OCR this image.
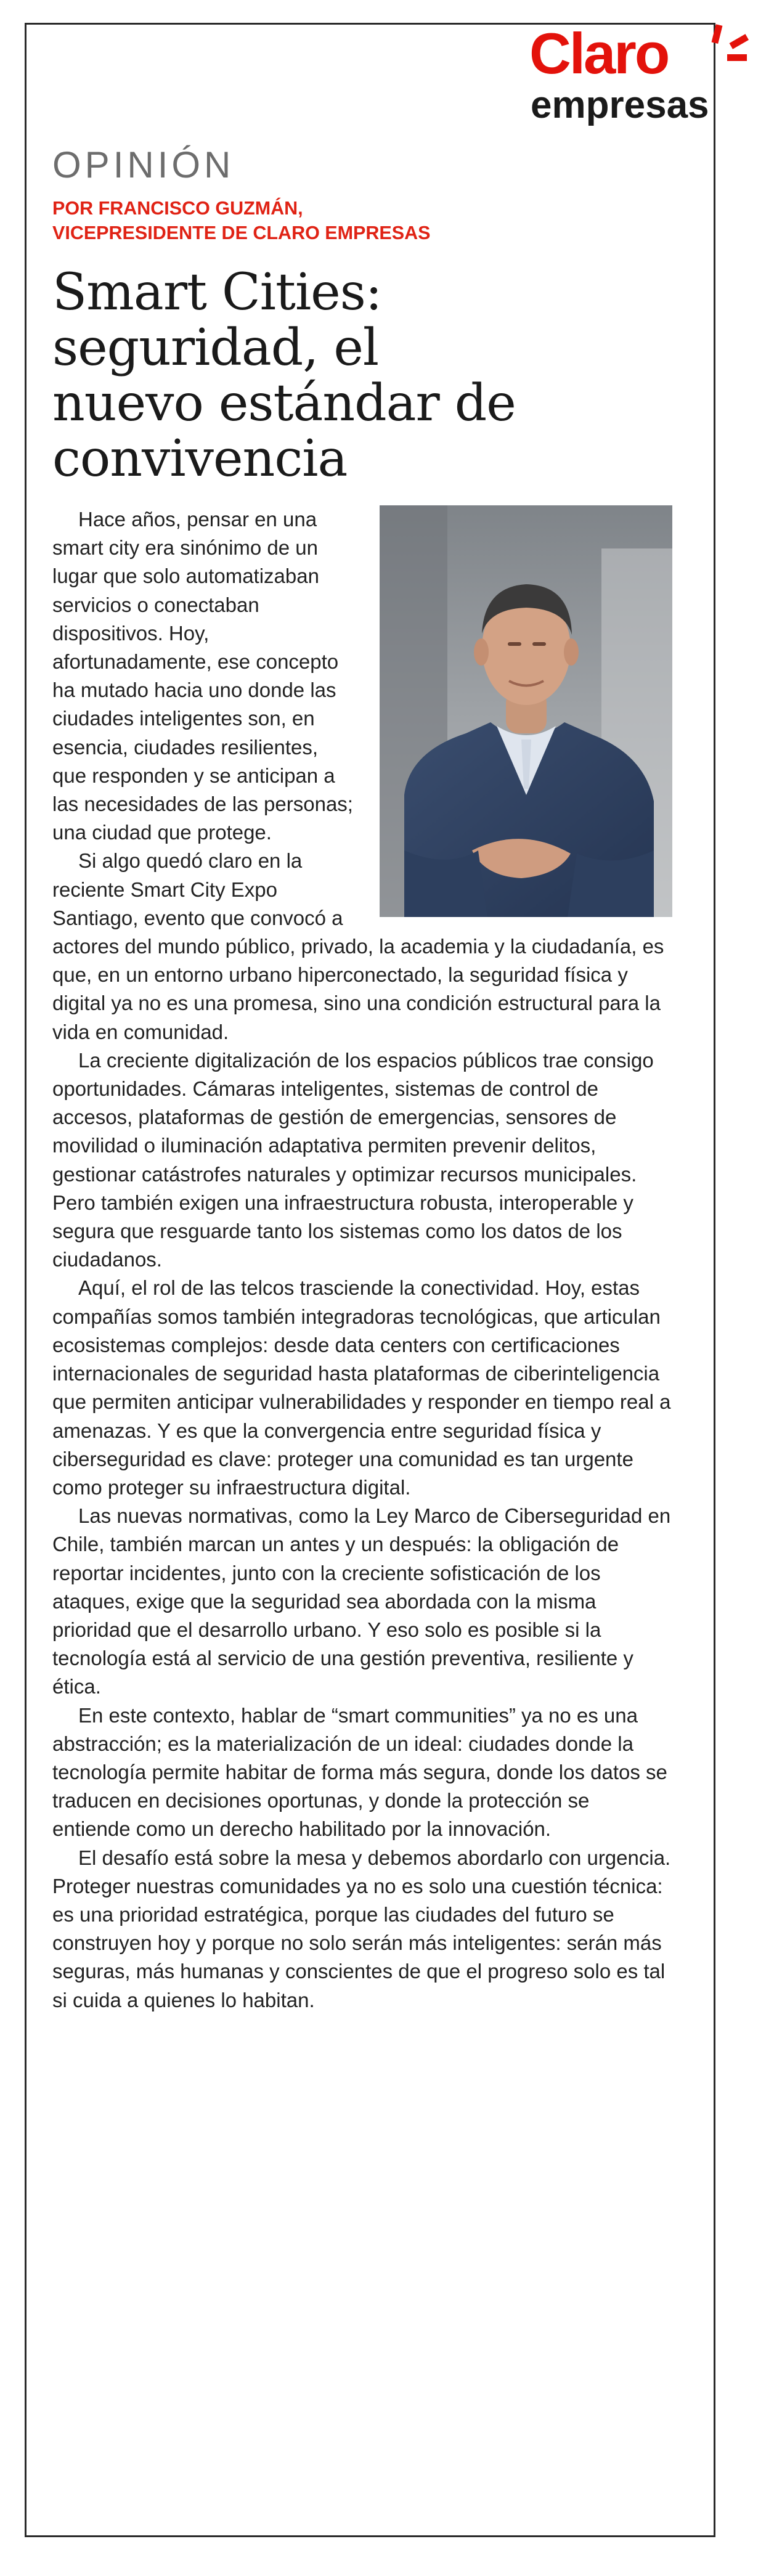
Claro
empresas
OPINIÓN
POR FRANCISCO GUZMÁN,
VICEPRESIDENTE DE CLARO EMPRESAS
Smart Cities:
seguridad, el
nuevo estándar de
convivencia

Hace años, pensar en una smart city era sinónimo de un lugar que solo automatizaban servicios o conectaban dispositivos. Hoy, afortunadamente, ese concepto ha mutado hacia uno donde las ciudades inteligentes son, en esencia, ciudades resilientes, que responden y se anticipan a las necesidades de las personas; una ciudad que protege.

Si algo quedó claro en la reciente Smart City Expo Santiago, evento que convocó a actores del mundo público, privado, la academia y la ciudadanía, es que, en un entorno urbano hiperconectado, la seguridad física y digital ya no es una promesa, sino una condición estructural para la vida en comunidad.

La creciente digitalización de los espacios públicos trae consigo oportunidades. Cámaras inteligentes, sistemas de control de accesos, plataformas de gestión de emergencias, sensores de movilidad o iluminación adaptativa permiten prevenir delitos, gestionar catástrofes naturales y optimizar recursos municipales. Pero también exigen una infraestructura robusta, interoperable y segura que resguarde tanto los sistemas como los datos de los ciudadanos.

Aquí, el rol de las telcos trasciende la conectividad. Hoy, estas compañías somos también integradoras tecnológicas, que articulan ecosistemas complejos: desde data centers con certificaciones internacionales de seguridad hasta plataformas de ciberinteligencia que permiten anticipar vulnerabilidades y responder en tiempo real a amenazas. Y es que la convergencia entre seguridad física y ciberseguridad es clave: proteger una comunidad es tan urgente como proteger su infraestructura digital.

Las nuevas normativas, como la Ley Marco de Ciberseguridad en Chile, también marcan un antes y un después: la obligación de reportar incidentes, junto con la creciente sofisticación de los ataques, exige que la seguridad sea abordada con la misma prioridad que el desarrollo urbano. Y eso solo es posible si la tecnología está al servicio de una gestión preventiva, resiliente y ética.

En este contexto, hablar de “smart communities” ya no es una abstracción; es la materialización de un ideal: ciudades donde la tecnología permite habitar de forma más segura, donde los datos se traducen en decisiones oportunas, y donde la protección se entiende como un derecho habilitado por la innovación.

El desafío está sobre la mesa y debemos abordarlo con urgencia. Proteger nuestras comunidades ya no es solo una cuestión técnica: es una prioridad estratégica, porque las ciudades del futuro se construyen hoy y porque no solo serán más inteligentes: serán más seguras, más humanas y conscientes de que el progreso solo es tal si cuida a quienes lo habitan.
